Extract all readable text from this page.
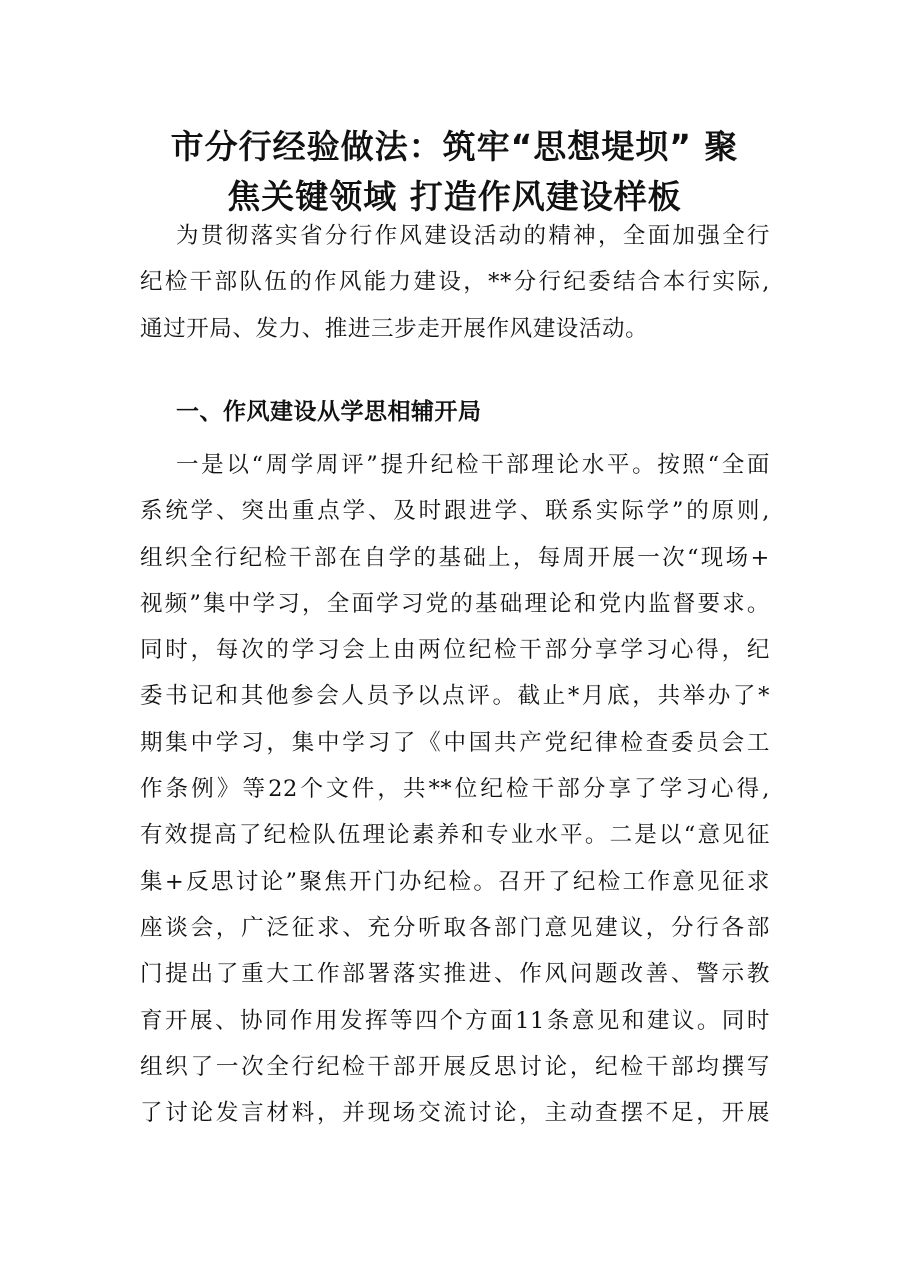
市分行经验做法：筑牢“思想堤坝” 聚
焦关键领域 打造作风建设样板
为贯彻落实省分行作风建设活动的精神，全面加强全行
纪检干部队伍的作风能力建设，**分行纪委结合本行实际,
通过开局、发力、推进三步走开展作风建设活动。
一、作风建设从学思相辅开局
一是以“周学周评”提升纪检干部理论水平。按照“全面
系统学、突出重点学、及时跟进学、联系实际学”的原则,
组织全行纪检干部在自学的基础上，每周开展一次“现场+
视频”集中学习，全面学习党的基础理论和党内监督要求。
同时，每次的学习会上由两位纪检干部分享学习心得，纪
委书记和其他参会人员予以点评。截止*月底，共举办了*
期集中学习，集中学习了《中国共产党纪律检查委员会工
作条例》等22个文件，共**位纪检干部分享了学习心得,
有效提高了纪检队伍理论素养和专业水平。二是以“意见征
集+反思讨论”聚焦开门办纪检。召开了纪检工作意见征求
座谈会，广泛征求、充分听取各部门意见建议，分行各部
门提出了重大工作部署落实推进、作风问题改善、警示教
育开展、协同作用发挥等四个方面11条意见和建议。同时
组织了一次全行纪检干部开展反思讨论，纪检干部均撰写
了讨论发言材料，并现场交流讨论，主动查摆不足，开展
